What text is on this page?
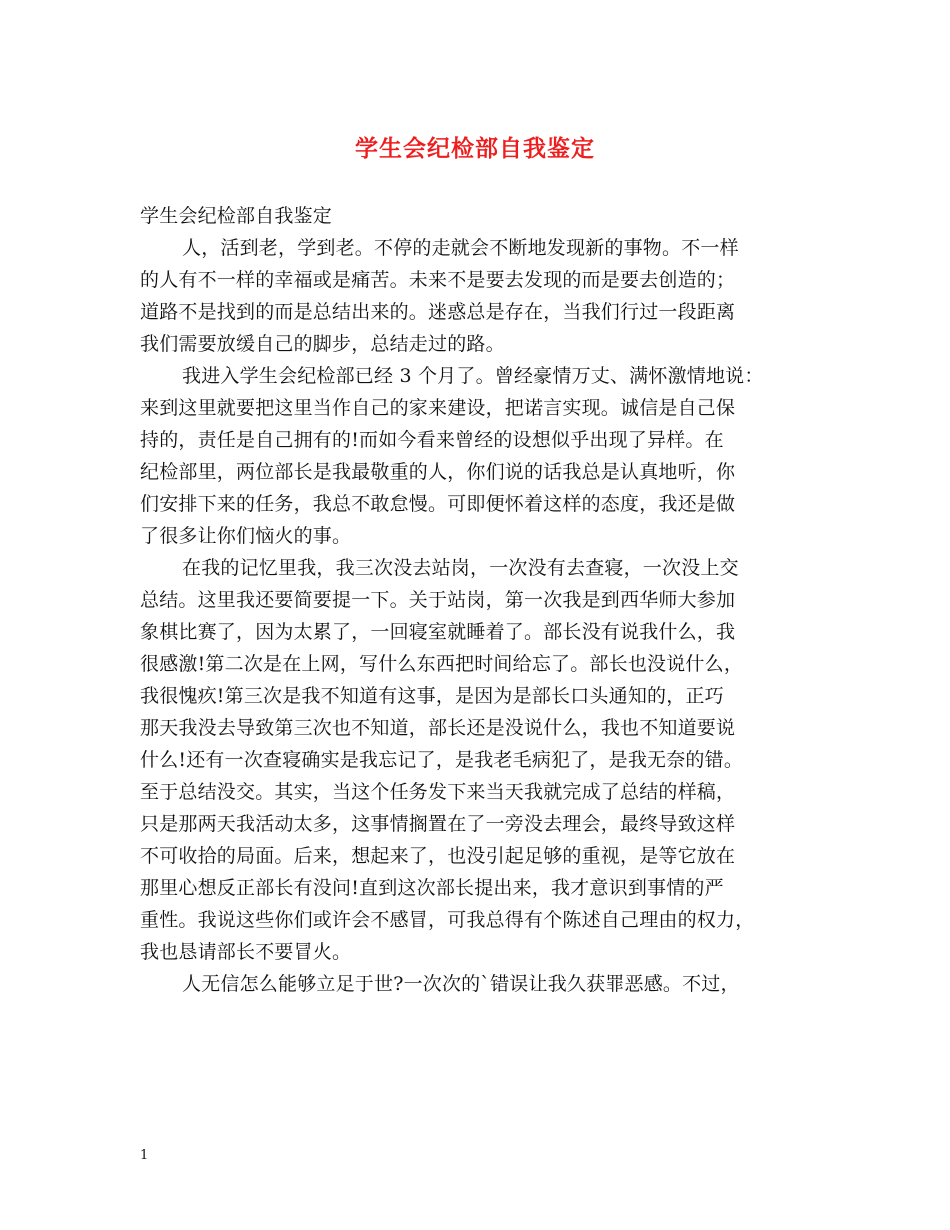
学生会纪检部自我鉴定
学生会纪检部自我鉴定
人，活到老，学到老。不停的走就会不断地发现新的事物。不一样
的人有不一样的幸福或是痛苦。未来不是要去发现的而是要去创造的；
道路不是找到的而是总结出来的。迷惑总是存在，当我们行过一段距离
我们需要放缓自己的脚步，总结走过的路。
我进入学生会纪检部已经 3 个月了。曾经豪情万丈、满怀激情地说：
来到这里就要把这里当作自己的家来建设，把诺言实现。诚信是自己保
持的，责任是自己拥有的!而如今看来曾经的设想似乎出现了异样。在
纪检部里，两位部长是我最敬重的人，你们说的话我总是认真地听，你
们安排下来的任务，我总不敢怠慢。可即便怀着这样的态度，我还是做
了很多让你们恼火的事。
在我的记忆里我，我三次没去站岗，一次没有去查寝，一次没上交
总结。这里我还要简要提一下。关于站岗，第一次我是到西华师大参加
象棋比赛了，因为太累了，一回寝室就睡着了。部长没有说我什么，我
很感激!第二次是在上网，写什么东西把时间给忘了。部长也没说什么，
我很愧疚!第三次是我不知道有这事，是因为是部长口头通知的，正巧
那天我没去导致第三次也不知道，部长还是没说什么，我也不知道要说
什么!还有一次查寝确实是我忘记了，是我老毛病犯了，是我无奈的错。
至于总结没交。其实，当这个任务发下来当天我就完成了总结的样稿，
只是那两天我活动太多，这事情搁置在了一旁没去理会，最终导致这样
不可收拾的局面。后来，想起来了，也没引起足够的重视，是等它放在
那里心想反正部长有没问!直到这次部长提出来，我才意识到事情的严
重性。我说这些你们或许会不感冒，可我总得有个陈述自己理由的权力，
我也恳请部长不要冒火。
人无信怎么能够立足于世?一次次的`错误让我久获罪恶感。不过，
1
